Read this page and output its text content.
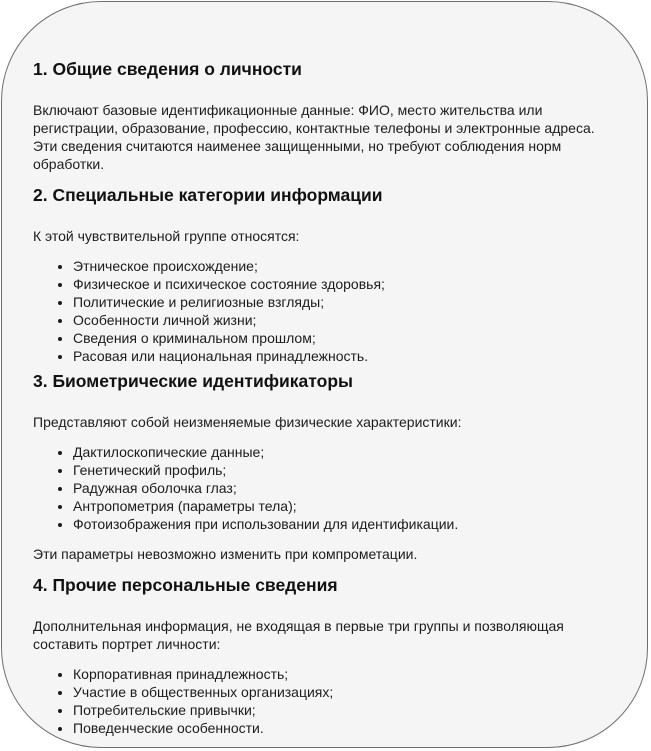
1. Общие сведения о личности

Включают базовые идентификационные данные: ФИО, место жительства или регистрации, образование, профессию, контактные телефоны и электронные адреса. Эти сведения считаются наименее защищенными, но требуют соблюдения норм обработки.

2. Специальные категории информации

К этой чувствительной группе относятся:

• Этническое происхождение;
• Физическое и психическое состояние здоровья;
• Политические и религиозные взгляды;
• Особенности личной жизни;
• Сведения о криминальном прошлом;
• Расовая или национальная принадлежность.
3. Биометрические идентификаторы

Представляют собой неизменяемые физические характеристики:

• Дактилоскопические данные;
• Генетический профиль;
• Радужная оболочка глаз;
• Антропометрия (параметры тела);
• Фотоизображения при использовании для идентификации.

Эти параметры невозможно изменить при компрометации.

4. Прочие персональные сведения

Дополнительная информация, не входящая в первые три группы и позволяющая составить портрет личности:

• Корпоративная принадлежность;
• Участие в общественных организациях;
• Потребительские привычки;
• Поведенческие особенности.
